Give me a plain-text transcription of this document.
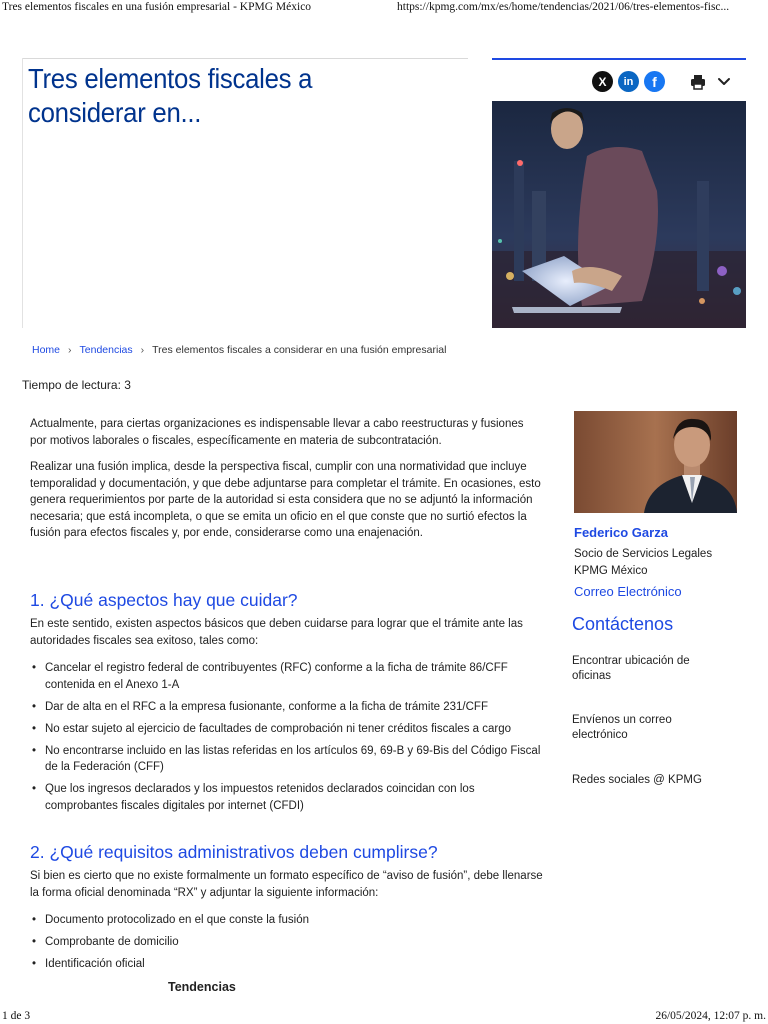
Tres elementos fiscales en una fusión empresarial - KPMG México	https://kpmg.com/mx/es/home/tendencias/2021/06/tres-elementos-fisc...
Tres elementos fiscales a considerar en...
X	in	f
Home › Tendencias › Tres elementos fiscales a considerar en una fusión empresarial
Tiempo de lectura: 3

Actualmente, para ciertas organizaciones es indispensable llevar a cabo reestructuras y fusiones por motivos laborales o fiscales, específicamente en materia de subcontratación.

Realizar una fusión implica, desde la perspectiva fiscal, cumplir con una normatividad que incluye temporalidad y documentación, y que debe adjuntarse para completar el trámite. En ocasiones, esto genera requerimientos por parte de la autoridad si esta considera que no se adjuntó la información necesaria; que está incompleta, o que se emita un oficio en el que conste que no surtió efectos la fusión para efectos fiscales y, por ende, considerarse como una enajenación.

1. ¿Qué aspectos hay que cuidar?

En este sentido, existen aspectos básicos que deben cuidarse para lograr que el trámite ante las autoridades fiscales sea exitoso, tales como:

• Cancelar el registro federal de contribuyentes (RFC) conforme a la ficha de trámite 86/CFF contenida en el Anexo 1-A
• Dar de alta en el RFC a la empresa fusionante, conforme a la ficha de trámite 231/CFF
• No estar sujeto al ejercicio de facultades de comprobación ni tener créditos fiscales a cargo
• No encontrarse incluido en las listas referidas en los artículos 69, 69-B y 69-Bis del Código Fiscal de la Federación (CFF)
• Que los ingresos declarados y los impuestos retenidos declarados coincidan con los comprobantes fiscales digitales por internet (CFDI)
2. ¿Qué requisitos administrativos deben cumplirse?

Si bien es cierto que no existe formalmente un formato específico de “aviso de fusión”, debe llenarse la forma oficial denominada “RX” y adjuntar la siguiente información:

• Documento protocolizado en el que conste la fusión
• Comprobante de domicilio
• Identificación oficial
Tendencias
Federico Garza
Socio de Servicios Legales KPMG México
Correo Electrónico
Contáctenos
Encontrar ubicación de oficinas
Envíenos un correo electrónico
Redes sociales @ KPMG
1 de 3	26/05/2024, 12:07 p. m.
